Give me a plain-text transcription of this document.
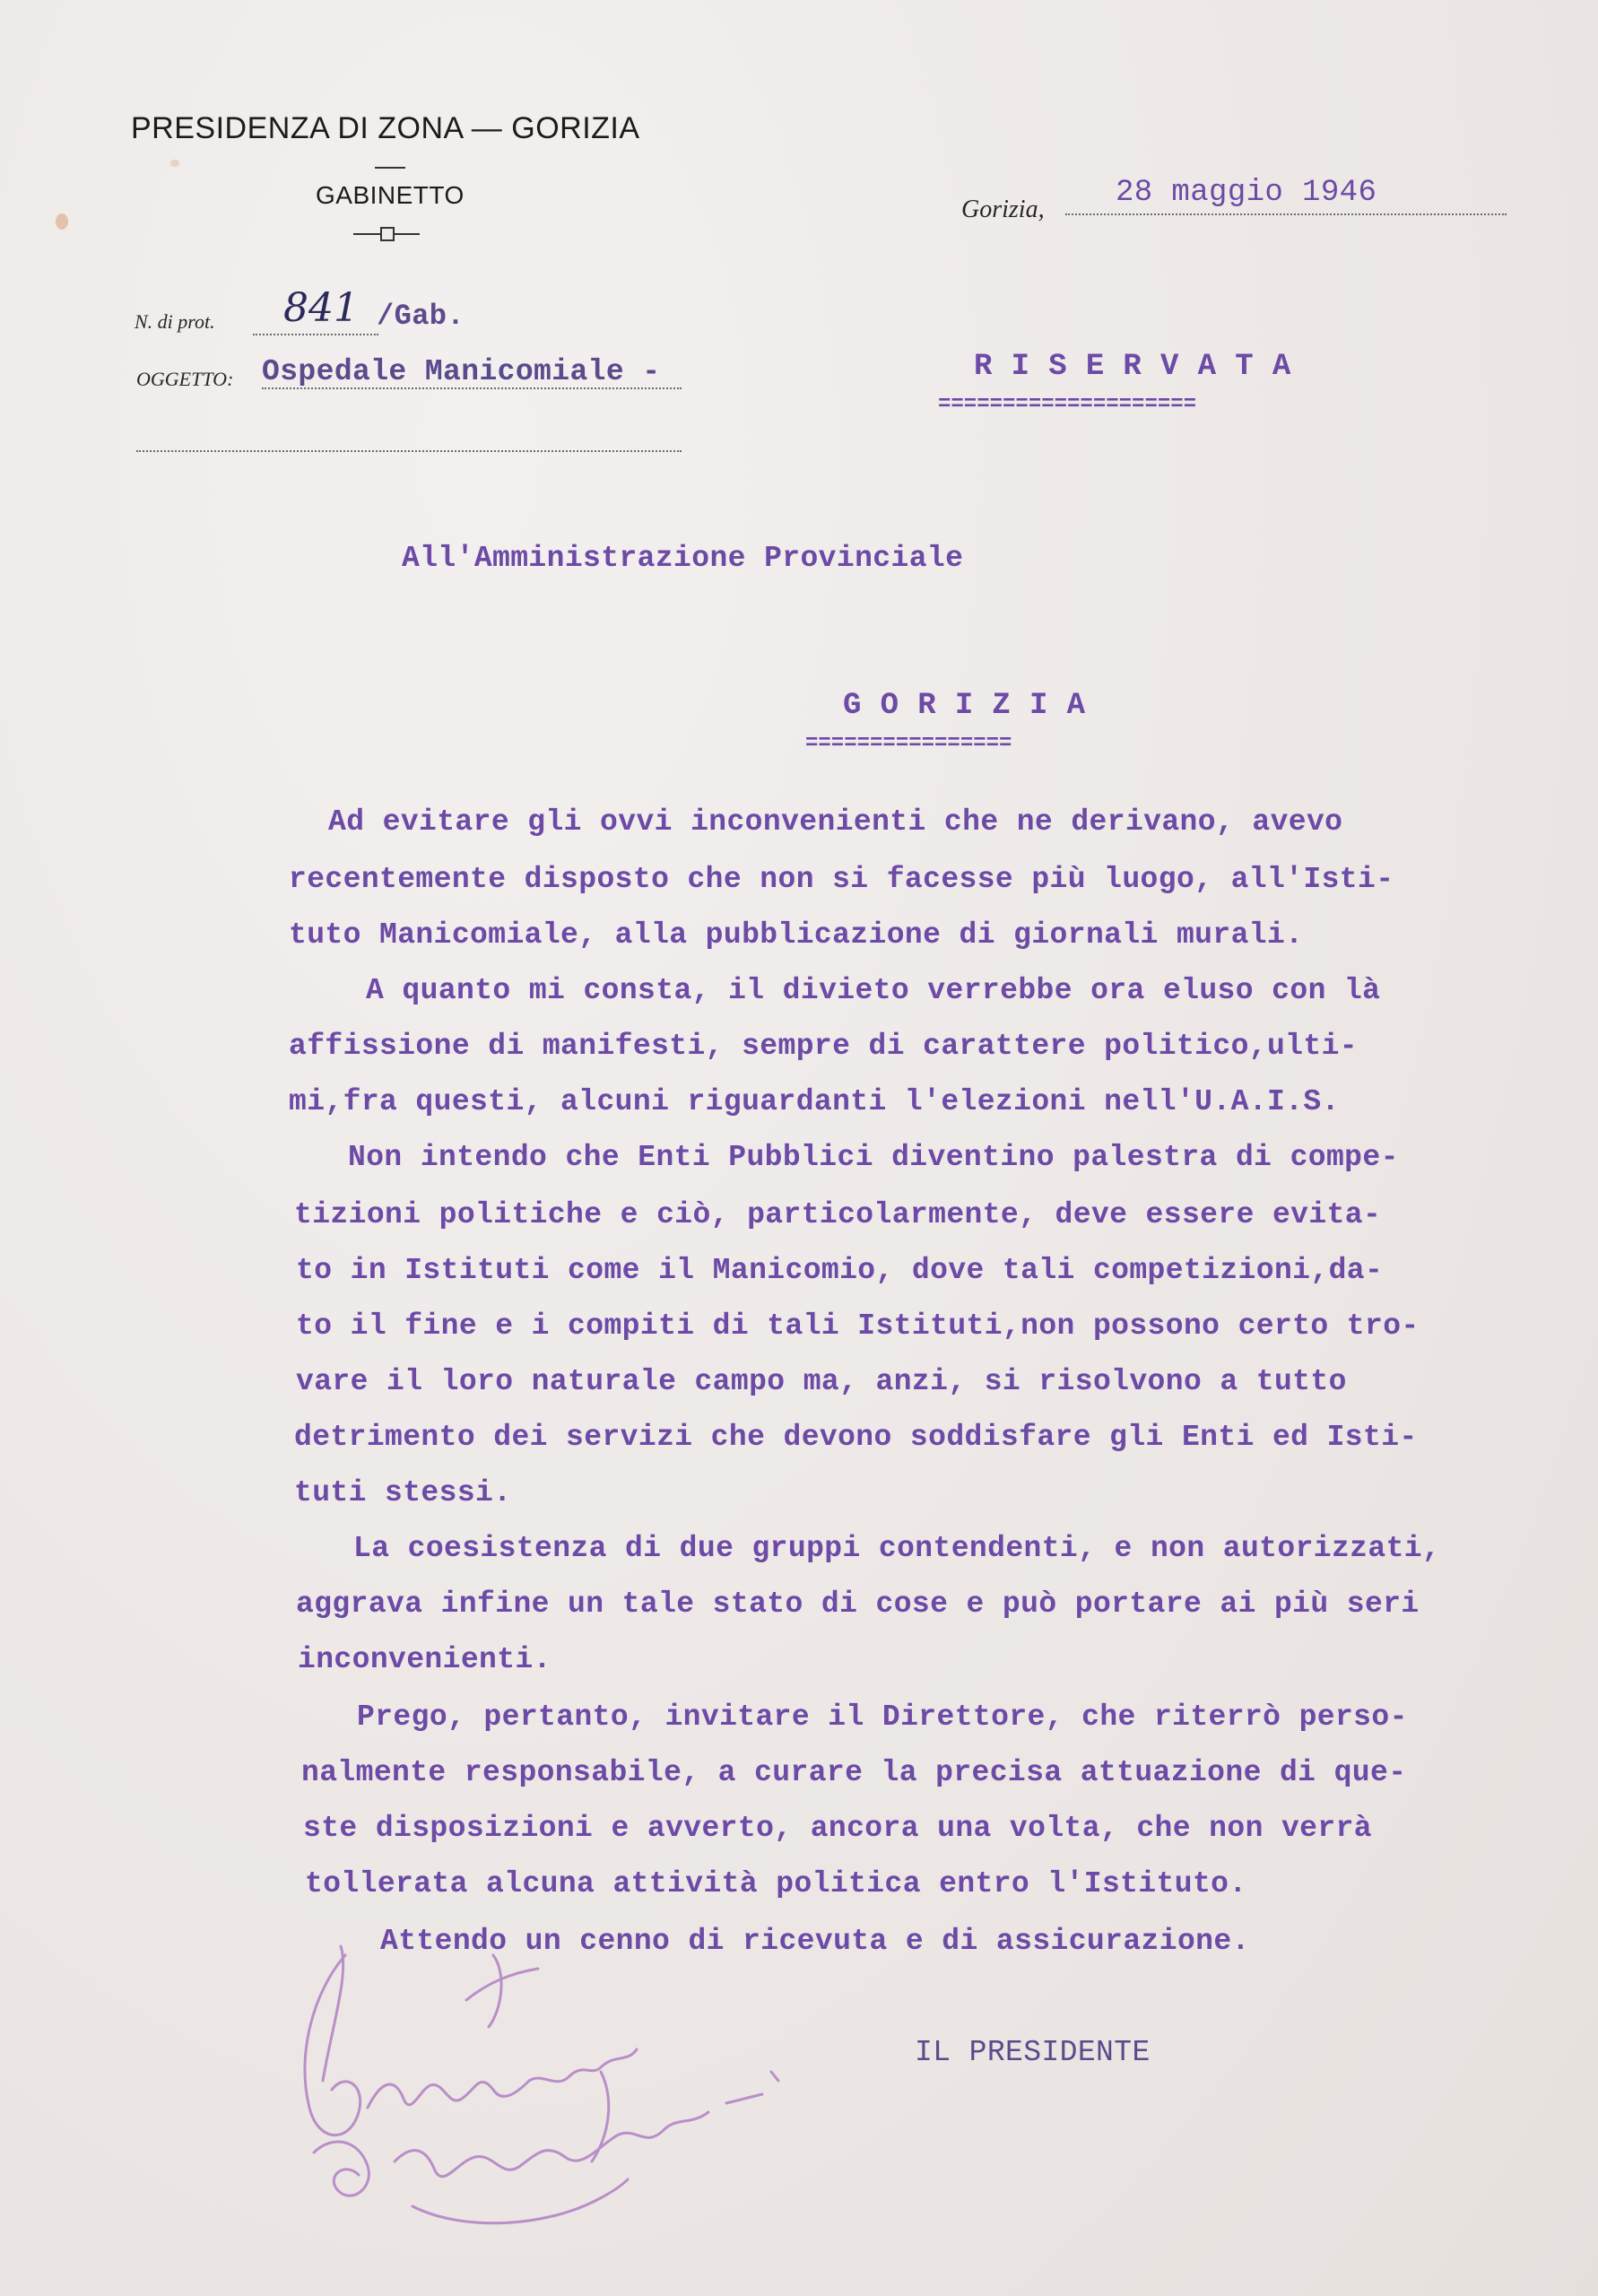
PRESIDENZA DI ZONA — GORIZIA
GABINETTO
Gorizia, 28 maggio 1946
N. di prot. 841 /Gab.
OGGETTO: Ospedale Manicomiale -	R I S E R V A T A
====================
All'Amministrazione Provinciale
G O R I Z I A
================
Ad evitare gli ovvi inconvenienti che ne derivano, avevo
recentemente disposto che non si facesse più luogo, all'Isti-
tuto Manicomiale, alla pubblicazione di giornali murali.
A quanto mi consta, il divieto verrebbe ora eluso con là
affissione di manifesti, sempre di carattere politico,ulti-
mi,fra questi, alcuni riguardanti l'elezioni nell'U.A.I.S.
Non intendo che Enti Pubblici diventino palestra di compe-
tizioni politiche e ciò, particolarmente, deve essere evita-
to in Istituti come il Manicomio, dove tali competizioni,da-
to il fine e i compiti di tali Istituti,non possono certo tro-
vare il loro naturale campo ma, anzi, si risolvono a tutto
detrimento dei servizi che devono soddisfare gli Enti ed Isti-
tuti stessi.
La coesistenza di due gruppi contendenti, e non autorizzati,
aggrava infine un tale stato di cose e può portare ai più seri
inconvenienti.
Prego, pertanto, invitare il Direttore, che riterrò perso-
nalmente responsabile, a curare la precisa attuazione di que-
ste disposizioni e avverto, ancora una volta, che non verrà
tollerata alcuna attività politica entro l'Istituto.
Attendo un cenno di ricevuta e di assicurazione.
IL PRESIDENTE
